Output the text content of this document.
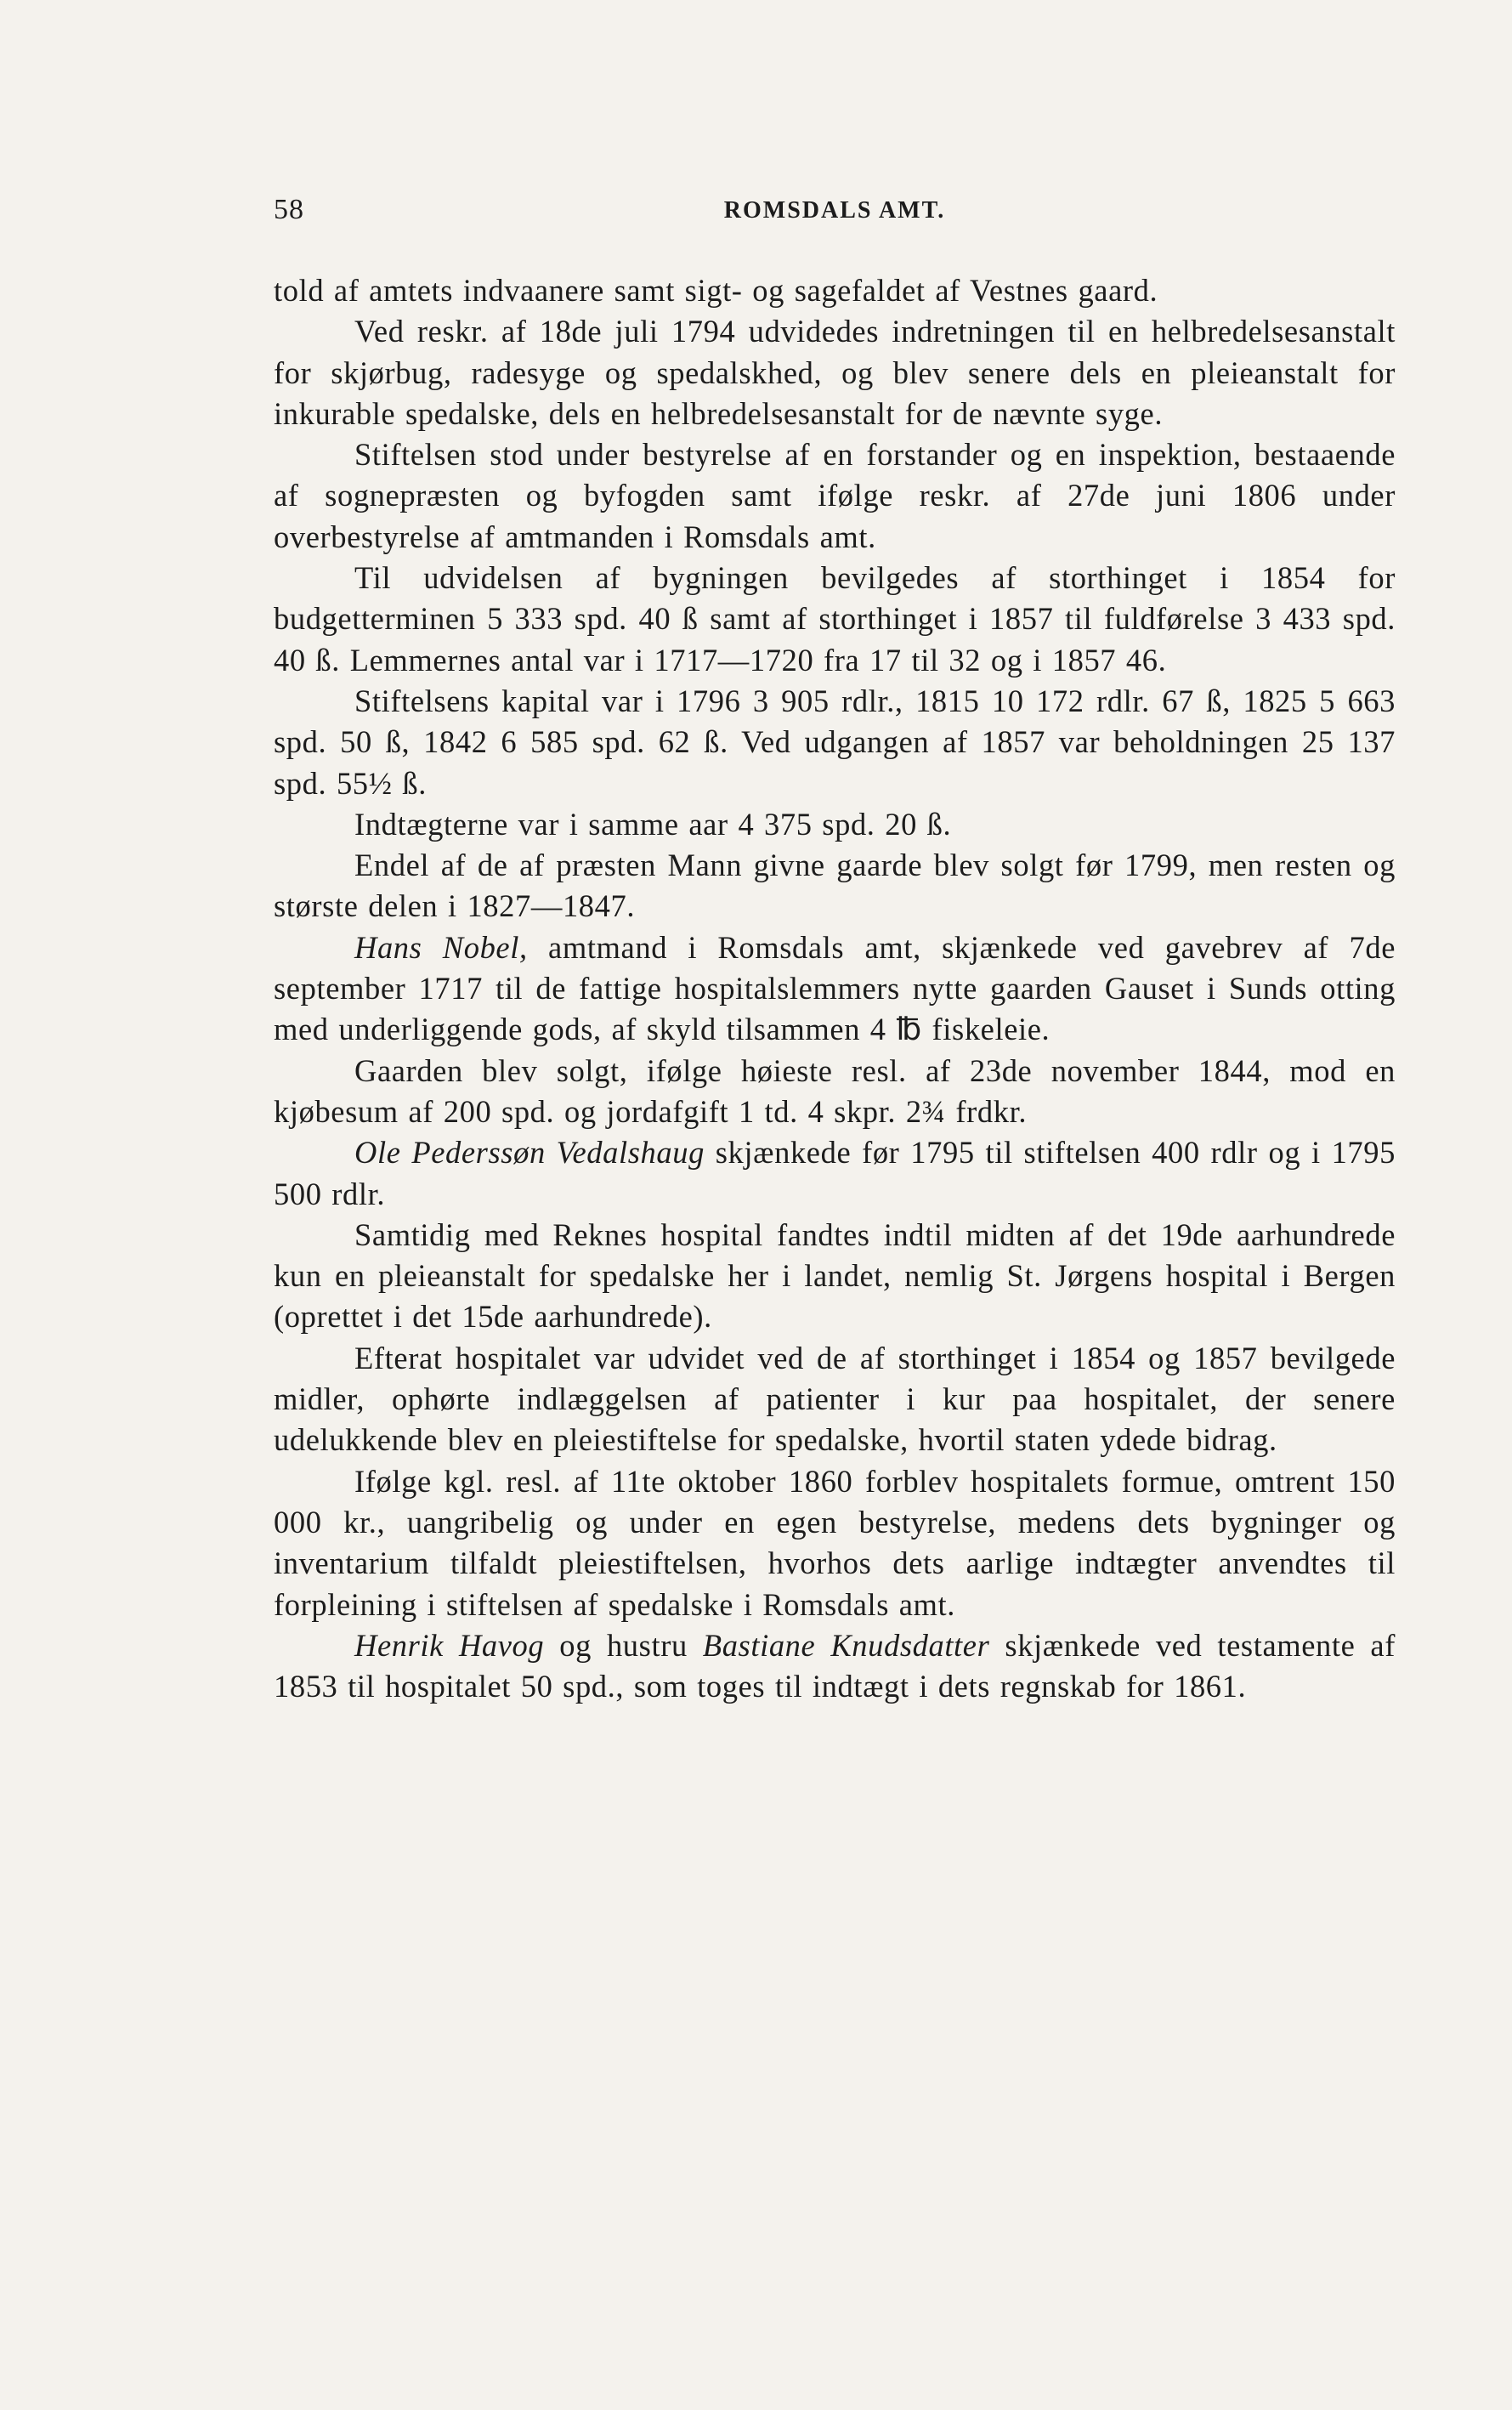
58	ROMSDALS AMT.

told af amtets indvaanere samt sigt- og sagefaldet af Vestnes gaard.

Ved reskr. af 18de juli 1794 udvidedes indretningen til en helbredelsesanstalt for skjørbug, radesyge og spedalskhed, og blev senere dels en pleieanstalt for inkurable spedalske, dels en helbredelsesanstalt for de nævnte syge.

Stiftelsen stod under bestyrelse af en forstander og en inspektion, bestaaende af sognepræsten og byfogden samt ifølge reskr. af 27de juni 1806 under overbestyrelse af amtmanden i Romsdals amt.

Til udvidelsen af bygningen bevilgedes af storthinget i 1854 for budgetterminen 5 333 spd. 40 ß samt af storthinget i 1857 til fuldførelse 3 433 spd. 40 ß. Lemmernes antal var i 1717—1720 fra 17 til 32 og i 1857 46.

Stiftelsens kapital var i 1796 3 905 rdlr., 1815 10 172 rdlr. 67 ß, 1825 5 663 spd. 50 ß, 1842 6 585 spd. 62 ß. Ved udgangen af 1857 var beholdningen 25 137 spd. 55½ ß.

Indtægterne var i samme aar 4 375 spd. 20 ß.

Endel af de af præsten Mann givne gaarde blev solgt før 1799, men resten og største delen i 1827—1847.

Hans Nobel, amtmand i Romsdals amt, skjænkede ved gavebrev af 7de september 1717 til de fattige hospitalslemmers nytte gaarden Gauset i Sunds otting med underliggende gods, af skyld tilsammen 4 ℔ fiskeleie.

Gaarden blev solgt, ifølge høieste resl. af 23de november 1844, mod en kjøbesum af 200 spd. og jordafgift 1 td. 4 skpr. 2¾ frdkr.

Ole Pederssøn Vedalshaug skjænkede før 1795 til stiftelsen 400 rdlr og i 1795 500 rdlr.

Samtidig med Reknes hospital fandtes indtil midten af det 19de aarhundrede kun en pleieanstalt for spedalske her i landet, nemlig St. Jørgens hospital i Bergen (oprettet i det 15de aarhundrede).

Efterat hospitalet var udvidet ved de af storthinget i 1854 og 1857 bevilgede midler, ophørte indlæggelsen af patienter i kur paa hospitalet, der senere udelukkende blev en pleiestiftelse for spedalske, hvortil staten ydede bidrag.

Ifølge kgl. resl. af 11te oktober 1860 forblev hospitalets formue, omtrent 150 000 kr., uangribelig og under en egen bestyrelse, medens dets bygninger og inventarium tilfaldt pleiestiftelsen, hvorhos dets aarlige indtægter anvendtes til forpleining i stiftelsen af spedalske i Romsdals amt.

Henrik Havog og hustru Bastiane Knudsdatter skjænkede ved testamente af 1853 til hospitalet 50 spd., som toges til indtægt i dets regnskab for 1861.
